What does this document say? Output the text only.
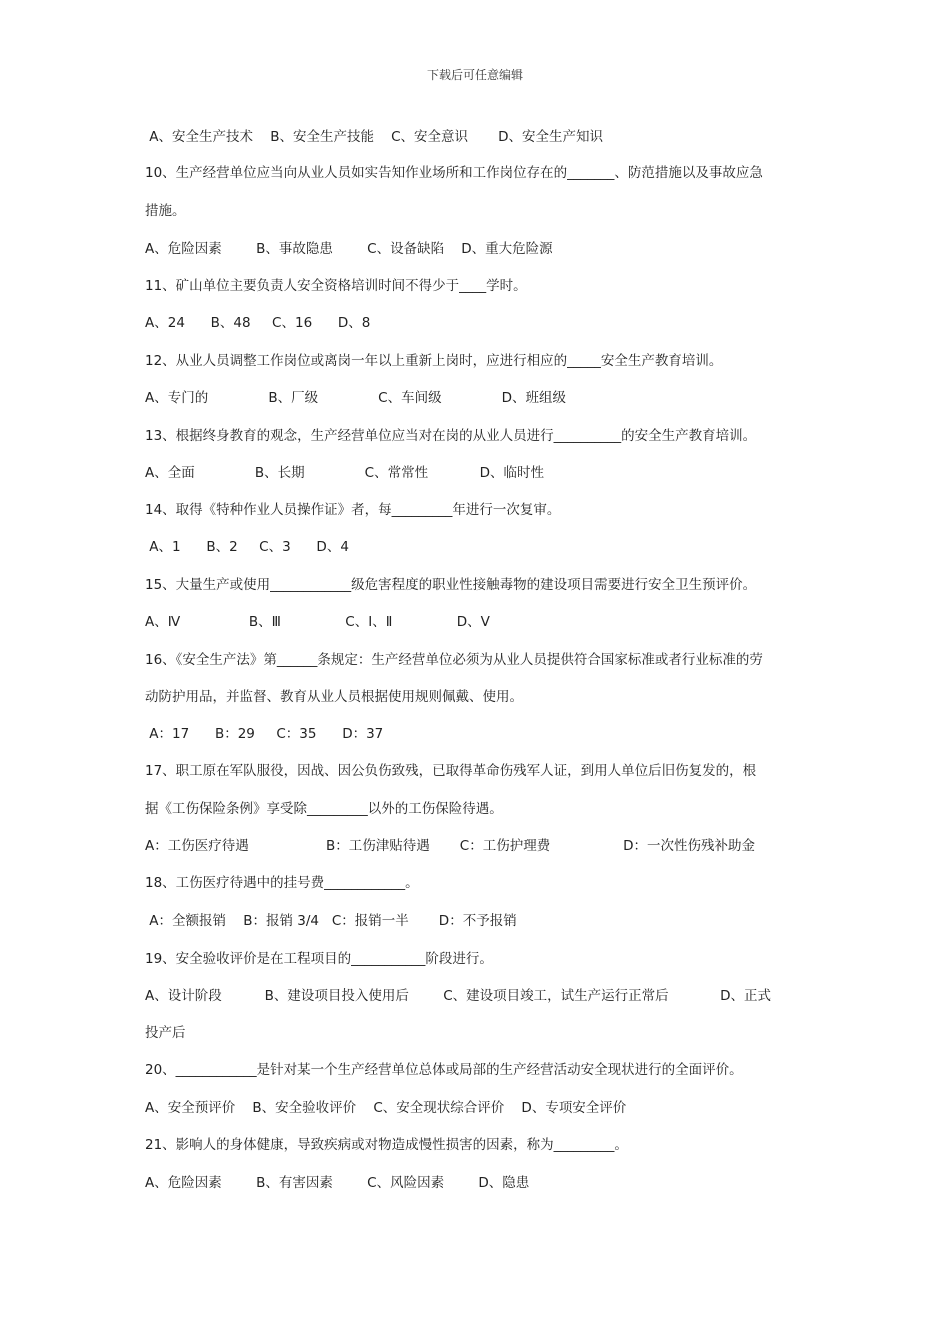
下载后可任意编辑
A、安全生产技术    B、安全生产技能    C、安全意识       D、安全生产知识
10、生产经营单位应当向从业人员如实告知作业场所和工作岗位存在的_______、防范措施以及事故应急
措施。
A、危险因素        B、事故隐患        C、设备缺陷    D、重大危险源
11、矿山单位主要负责人安全资格培训时间不得少于____学时。
A、24      B、48     C、16      D、8
12、从业人员调整工作岗位或离岗一年以上重新上岗时，应进行相应的_____安全生产教育培训。
A、专门的              B、厂级              C、车间级              D、班组级
13、根据终身教育的观念，生产经营单位应当对在岗的从业人员进行__________的安全生产教育培训。
A、全面              B、长期              C、常常性            D、临时性
14、取得《特种作业人员操作证》者，每_________年进行一次复审。
A、1      B、2     C、3      D、4
15、大量生产或使用____________级危害程度的职业性接触毒物的建设项目需要进行安全卫生预评价。
A、Ⅳ                B、Ⅲ               C、Ⅰ、Ⅱ               D、Ⅴ
16、《安全生产法》第______条规定：生产经营单位必须为从业人员提供符合国家标准或者行业标准的劳
动防护用品，并监督、教育从业人员根据使用规则佩戴、使用。
A：17      B：29     C：35      D：37
17、职工原在军队服役，因战、因公负伤致残，已取得革命伤残军人证，到用人单位后旧伤复发的，根
据《工伤保险条例》享受除_________以外的工伤保险待遇。
A：工伤医疗待遇                  B：工伤津贴待遇       C：工伤护理费                 D：一次性伤残补助金
18、工伤医疗待遇中的挂号费____________。
A：全额报销    B：报销 3/4   C：报销一半       D：不予报销
19、安全验收评价是在工程项目的___________阶段进行。
A、设计阶段          B、建设项目投入使用后        C、建设项目竣工，试生产运行正常后            D、正式
投产后
20、____________是针对某一个生产经营单位总体或局部的生产经营活动安全现状进行的全面评价。
A、安全预评价    B、安全验收评价    C、安全现状综合评价    D、专项安全评价
21、影响人的身体健康，导致疾病或对物造成慢性损害的因素，称为_________。
A、危险因素        B、有害因素        C、风险因素        D、隐患
